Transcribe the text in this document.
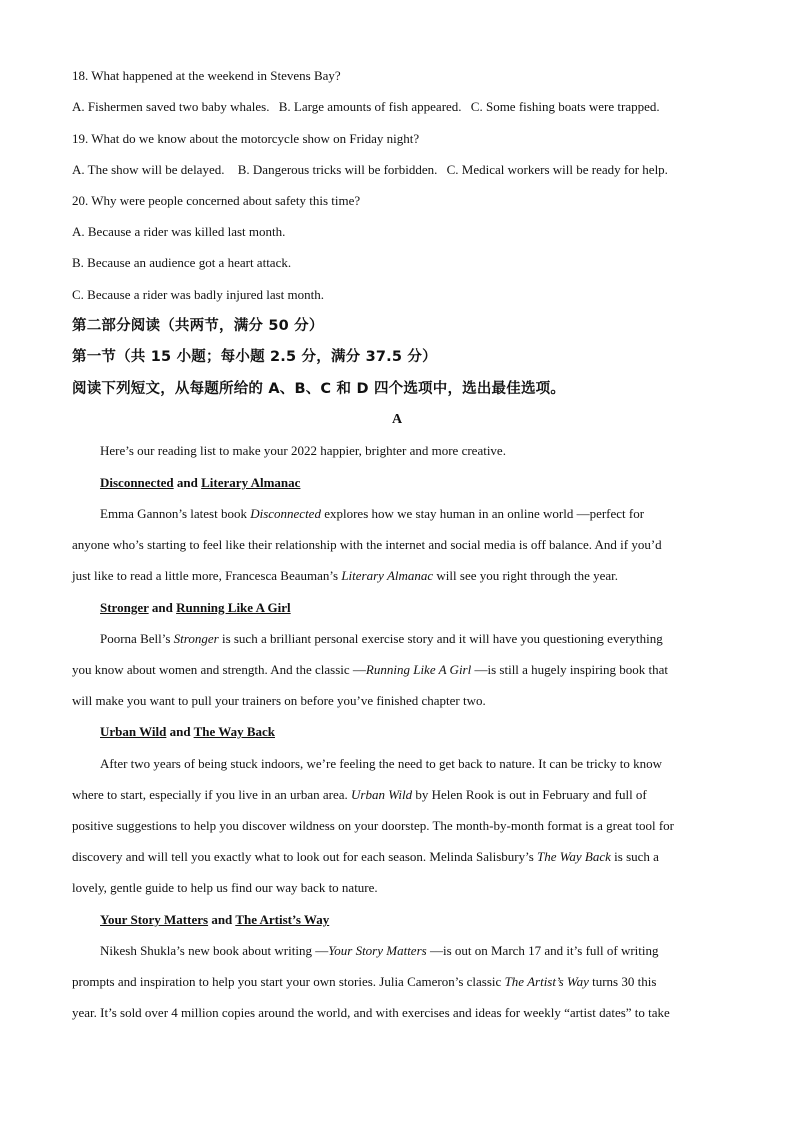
18. What happened at the weekend in Stevens Bay?
A. Fishermen saved two baby whales. B. Large amounts of fish appeared. C. Some fishing boats were trapped.
19. What do we know about the motorcycle show on Friday night?
A. The show will be delayed. B. Dangerous tricks will be forbidden. C. Medical workers will be ready for help.
20. Why were people concerned about safety this time?
A. Because a rider was killed last month.
B. Because an audience got a heart attack.
C. Because a rider was badly injured last month.
第二部分阅读（共两节，满分 50 分）
第一节（共 15 小题；每小题 2.5 分，满分 37.5 分）
阅读下列短文，从每题所给的 A、B、C 和 D 四个选项中，选出最佳选项。
A
Here’s our reading list to make your 2022 happier, brighter and more creative.
Disconnected and Literary Almanac
Emma Gannon’s latest book Disconnected explores how we stay human in an online world —perfect for
anyone who’s starting to feel like their relationship with the internet and social media is off balance. And if you’d
just like to read a little more, Francesca Beauman’s Literary Almanac will see you right through the year.
Stronger and Running Like A Girl
Poorna Bell’s Stronger is such a brilliant personal exercise story and it will have you questioning everything
you know about women and strength. And the classic —Running Like A Girl —is still a hugely inspiring book that
will make you want to pull your trainers on before you’ve finished chapter two.
Urban Wild and The Way Back
After two years of being stuck indoors, we’re feeling the need to get back to nature. It can be tricky to know
where to start, especially if you live in an urban area. Urban Wild by Helen Rook is out in February and full of
positive suggestions to help you discover wildness on your doorstep. The month-by-month format is a great tool for
discovery and will tell you exactly what to look out for each season. Melinda Salisbury’s The Way Back is such a
lovely, gentle guide to help us find our way back to nature.
Your Story Matters and The Artist’s Way
Nikesh Shukla’s new book about writing —Your Story Matters —is out on March 17 and it’s full of writing
prompts and inspiration to help you start your own stories. Julia Cameron’s classic The Artist’s Way turns 30 this
year. It’s sold over 4 million copies around the world, and with exercises and ideas for weekly “artist dates” to take
